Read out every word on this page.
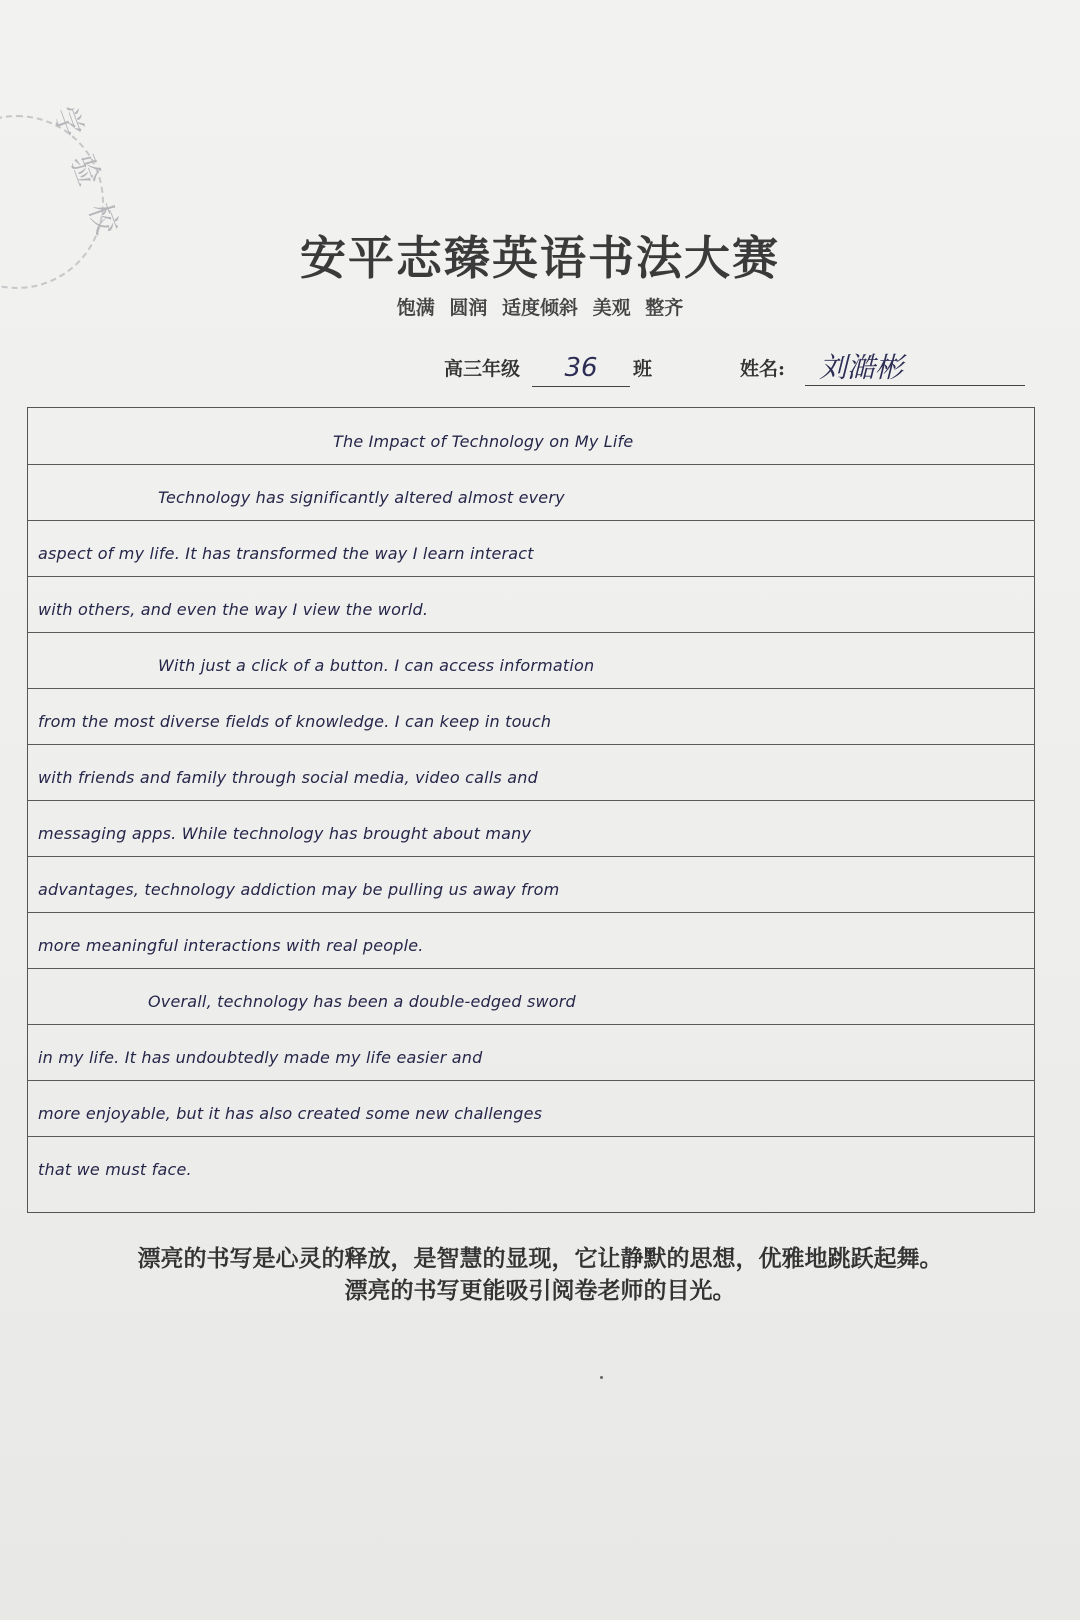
学 验 校
安平志臻英语书法大赛
饱满 圆润 适度倾斜 美观 整齐
高三年级	36	班	姓名:	刘澔彬
The Impact of Technology on My Life
Technology has significantly altered almost every
aspect of my life. It has transformed the way I learn interact
with others, and even the way I view the world.
With just a click of a button. I can access information
from the most diverse fields of knowledge. I can keep in touch
with friends and family through social media, video calls and
messaging apps. While technology has brought about many
advantages, technology addiction may be pulling us away from
more meaningful interactions with real people.
Overall, technology has been a double-edged sword
in my life. It has undoubtedly made my life easier and
more enjoyable, but it has also created some new challenges
that we must face.
漂亮的书写是心灵的释放，是智慧的显现，它让静默的思想，优雅地跳跃起舞。
漂亮的书写更能吸引阅卷老师的目光。
